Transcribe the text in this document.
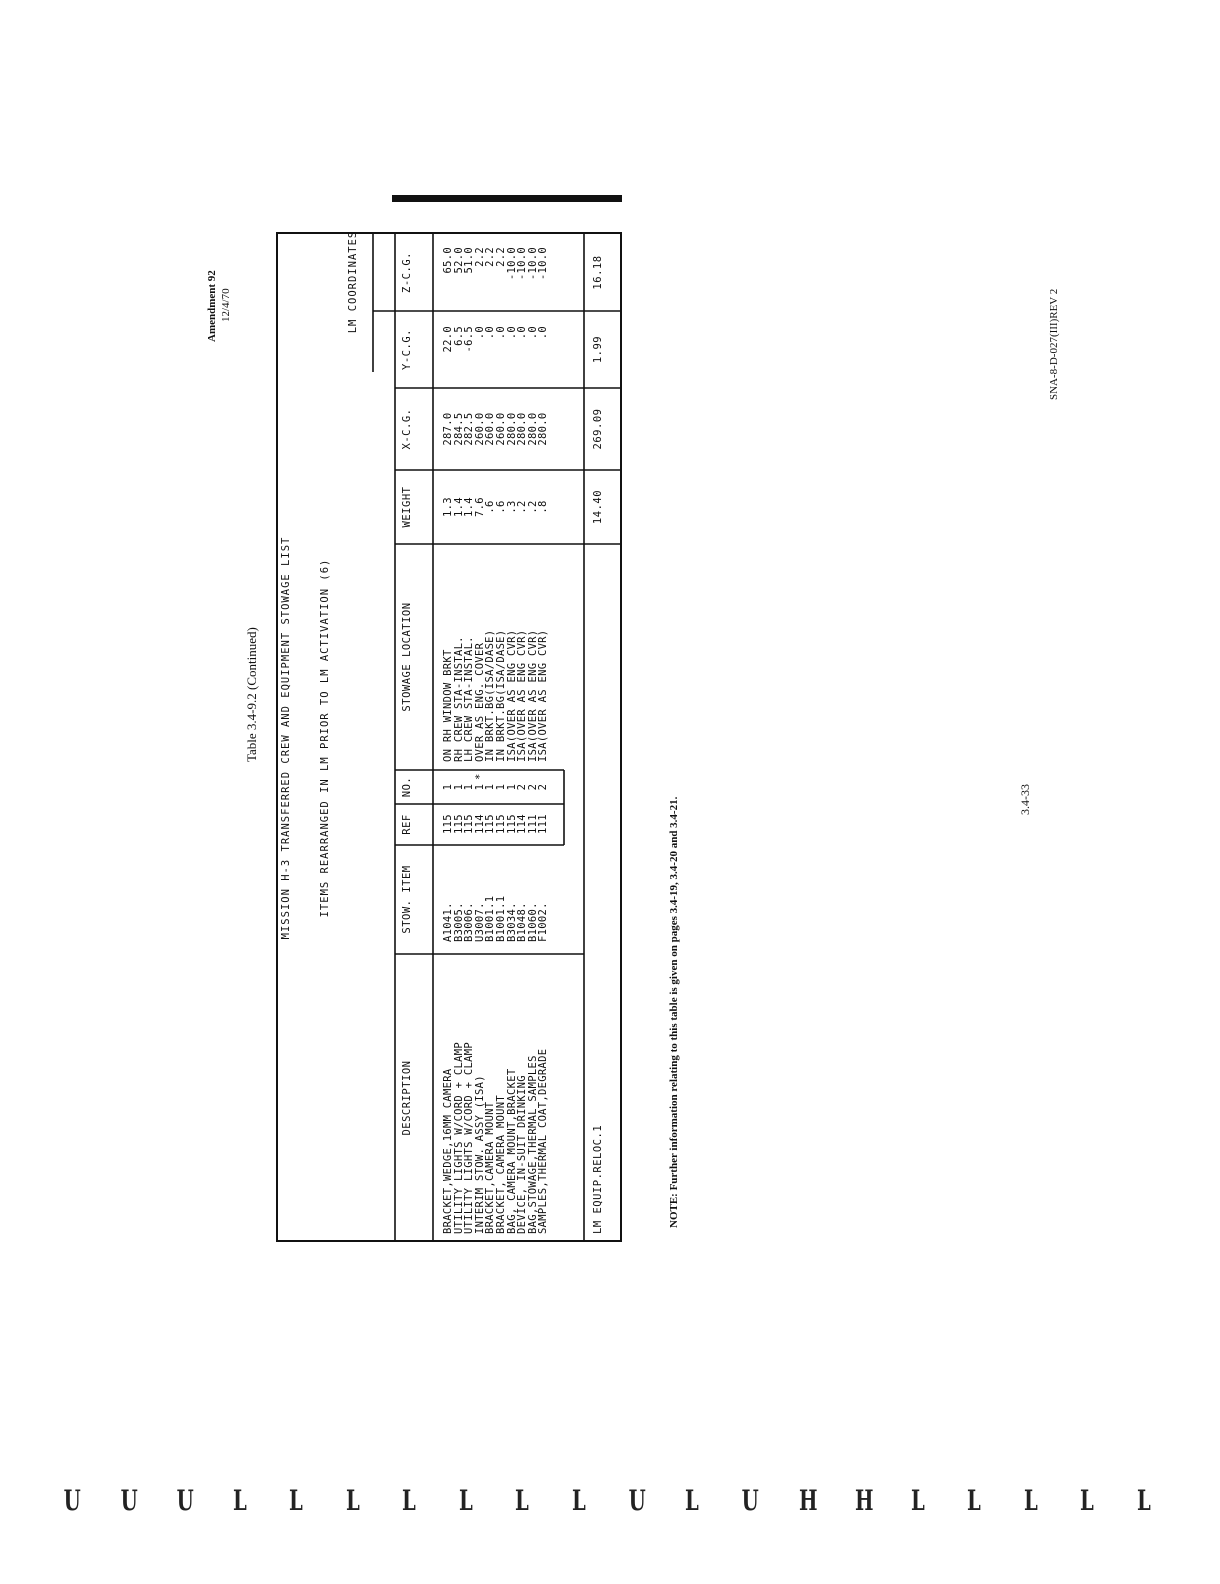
Amendment 92 12/4/70
Table 3.4-9.2 (Continued) MISSION H-3 TRANSFERRED CREW AND EQUIPMENT STOWAGE LIST	ITEMS REARRANGED IN LM PRIOR TO LM ACTIVATION (6)
LM COORDINATES
DESCRIPTION
STOW. ITEM
REF
NO.
STOWAGE LOCATION
WEIGHT
X-C.G.
Y-C.G.
Z-C.G.
BRACKET,WEDGE,16MM CAMERA
A1041.
115
1
ON RH WINDOW BRKT
1.3
287.0
22.0
65.0
UTILITY LIGHTS W/CORD + CLAMP
B3005.
115
1
RH CREW STA-INSTAL.
1.4
284.5
6.5
52.0
UTILITY LIGHTS W/CORD + CLAMP
B3006.
115
1
LH CREW STA-INSTAL.
1.4
282.5
-6.5
51.0
INTERIM STOW. ASSY (ISA)
U3007.
114
1
OVER AS ENG. COVER
7.6
260.0
.0
2.2
BRACKET,CAMERA MOUNT
B1001.1
115
1
IN BRKT.BG(ISA/DASE)
.6
260.0
.0
2.2
BRACKET, CAMERA MOUNT
B1001.1
115
1
IN BRKT.BG(ISA/DASE)
.6
260.0
.0
2.2
BAG, CAMERA MOUNT,BRACKET
B3034.
115
1
ISA(OVER AS ENG CVR)
.3
280.0
.0
-10.0
DEVICE, IN-SUIT DRINKING
B1048.
114
2
ISA(OVER AS ENG CVR)
.2
280.0
.0
-10.0
BAG,STOWAGE,THERMAL SAMPLES
B1060.
111
2
ISA(OVER AS ENG CVR)
.2
280.0
.0
-10.0
SAMPLES,THERMAL COAT,DEGRADE
F1002.
111
2
ISA(OVER AS ENG CVR)
.8
280.0
.0
-10.0
*
LM EQUIP.RELOC.1
14.40
269.09
1.99
16.18
NOTE: Further information relating to this table is given on pages 3.4-19, 3.4-20 and 3.4-21.	3.4-33
SNA-8-D-027(III)REV 2
U U U L L L L L L L U L U H H L L L L L
